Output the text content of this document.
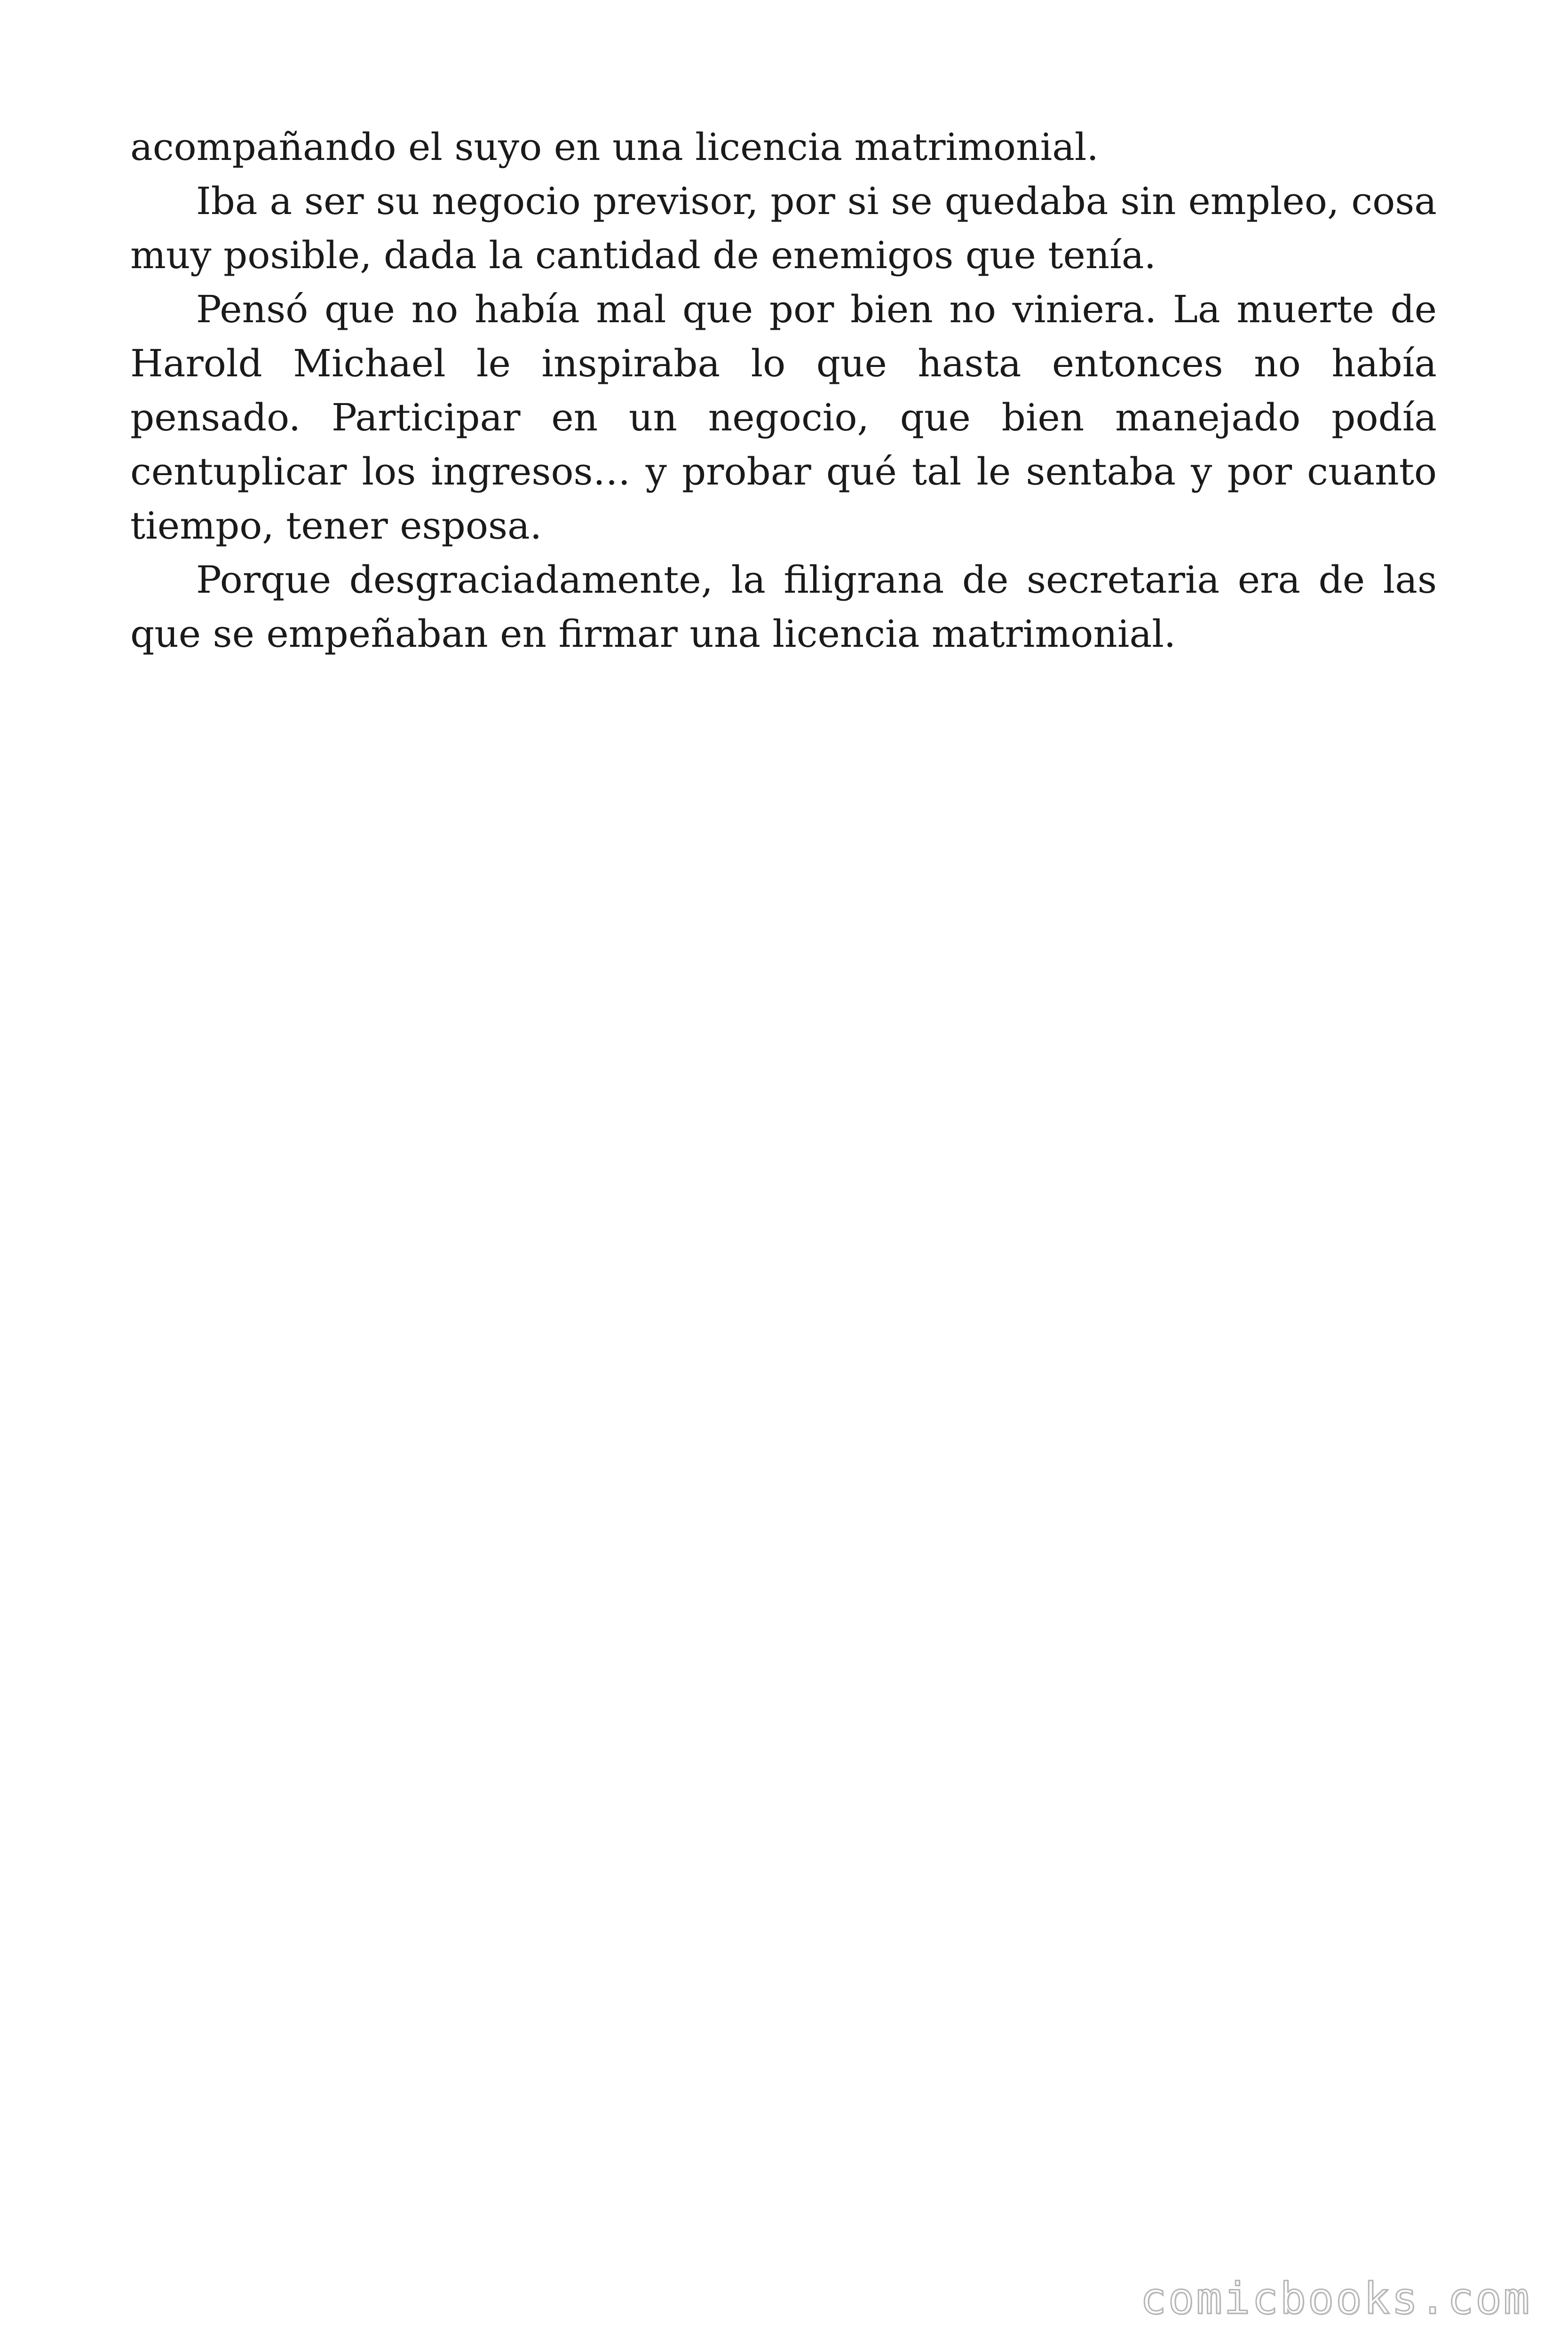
acompañando el suyo en una licencia matrimonial.

Iba a ser su negocio previsor, por si se quedaba sin empleo, cosa muy posible, dada la cantidad de enemigos que tenía.

Pensó que no había mal que por bien no viniera. La muerte de Harold Michael le inspiraba lo que hasta entonces no había pensado. Participar en un negocio, que bien manejado podía centuplicar los ingresos… y probar qué tal le sentaba y por cuanto tiempo, tener esposa.

Porque desgraciadamente, la filigrana de secretaria era de las que se empeñaban en firmar una licencia matrimonial.

comicbooks.com
